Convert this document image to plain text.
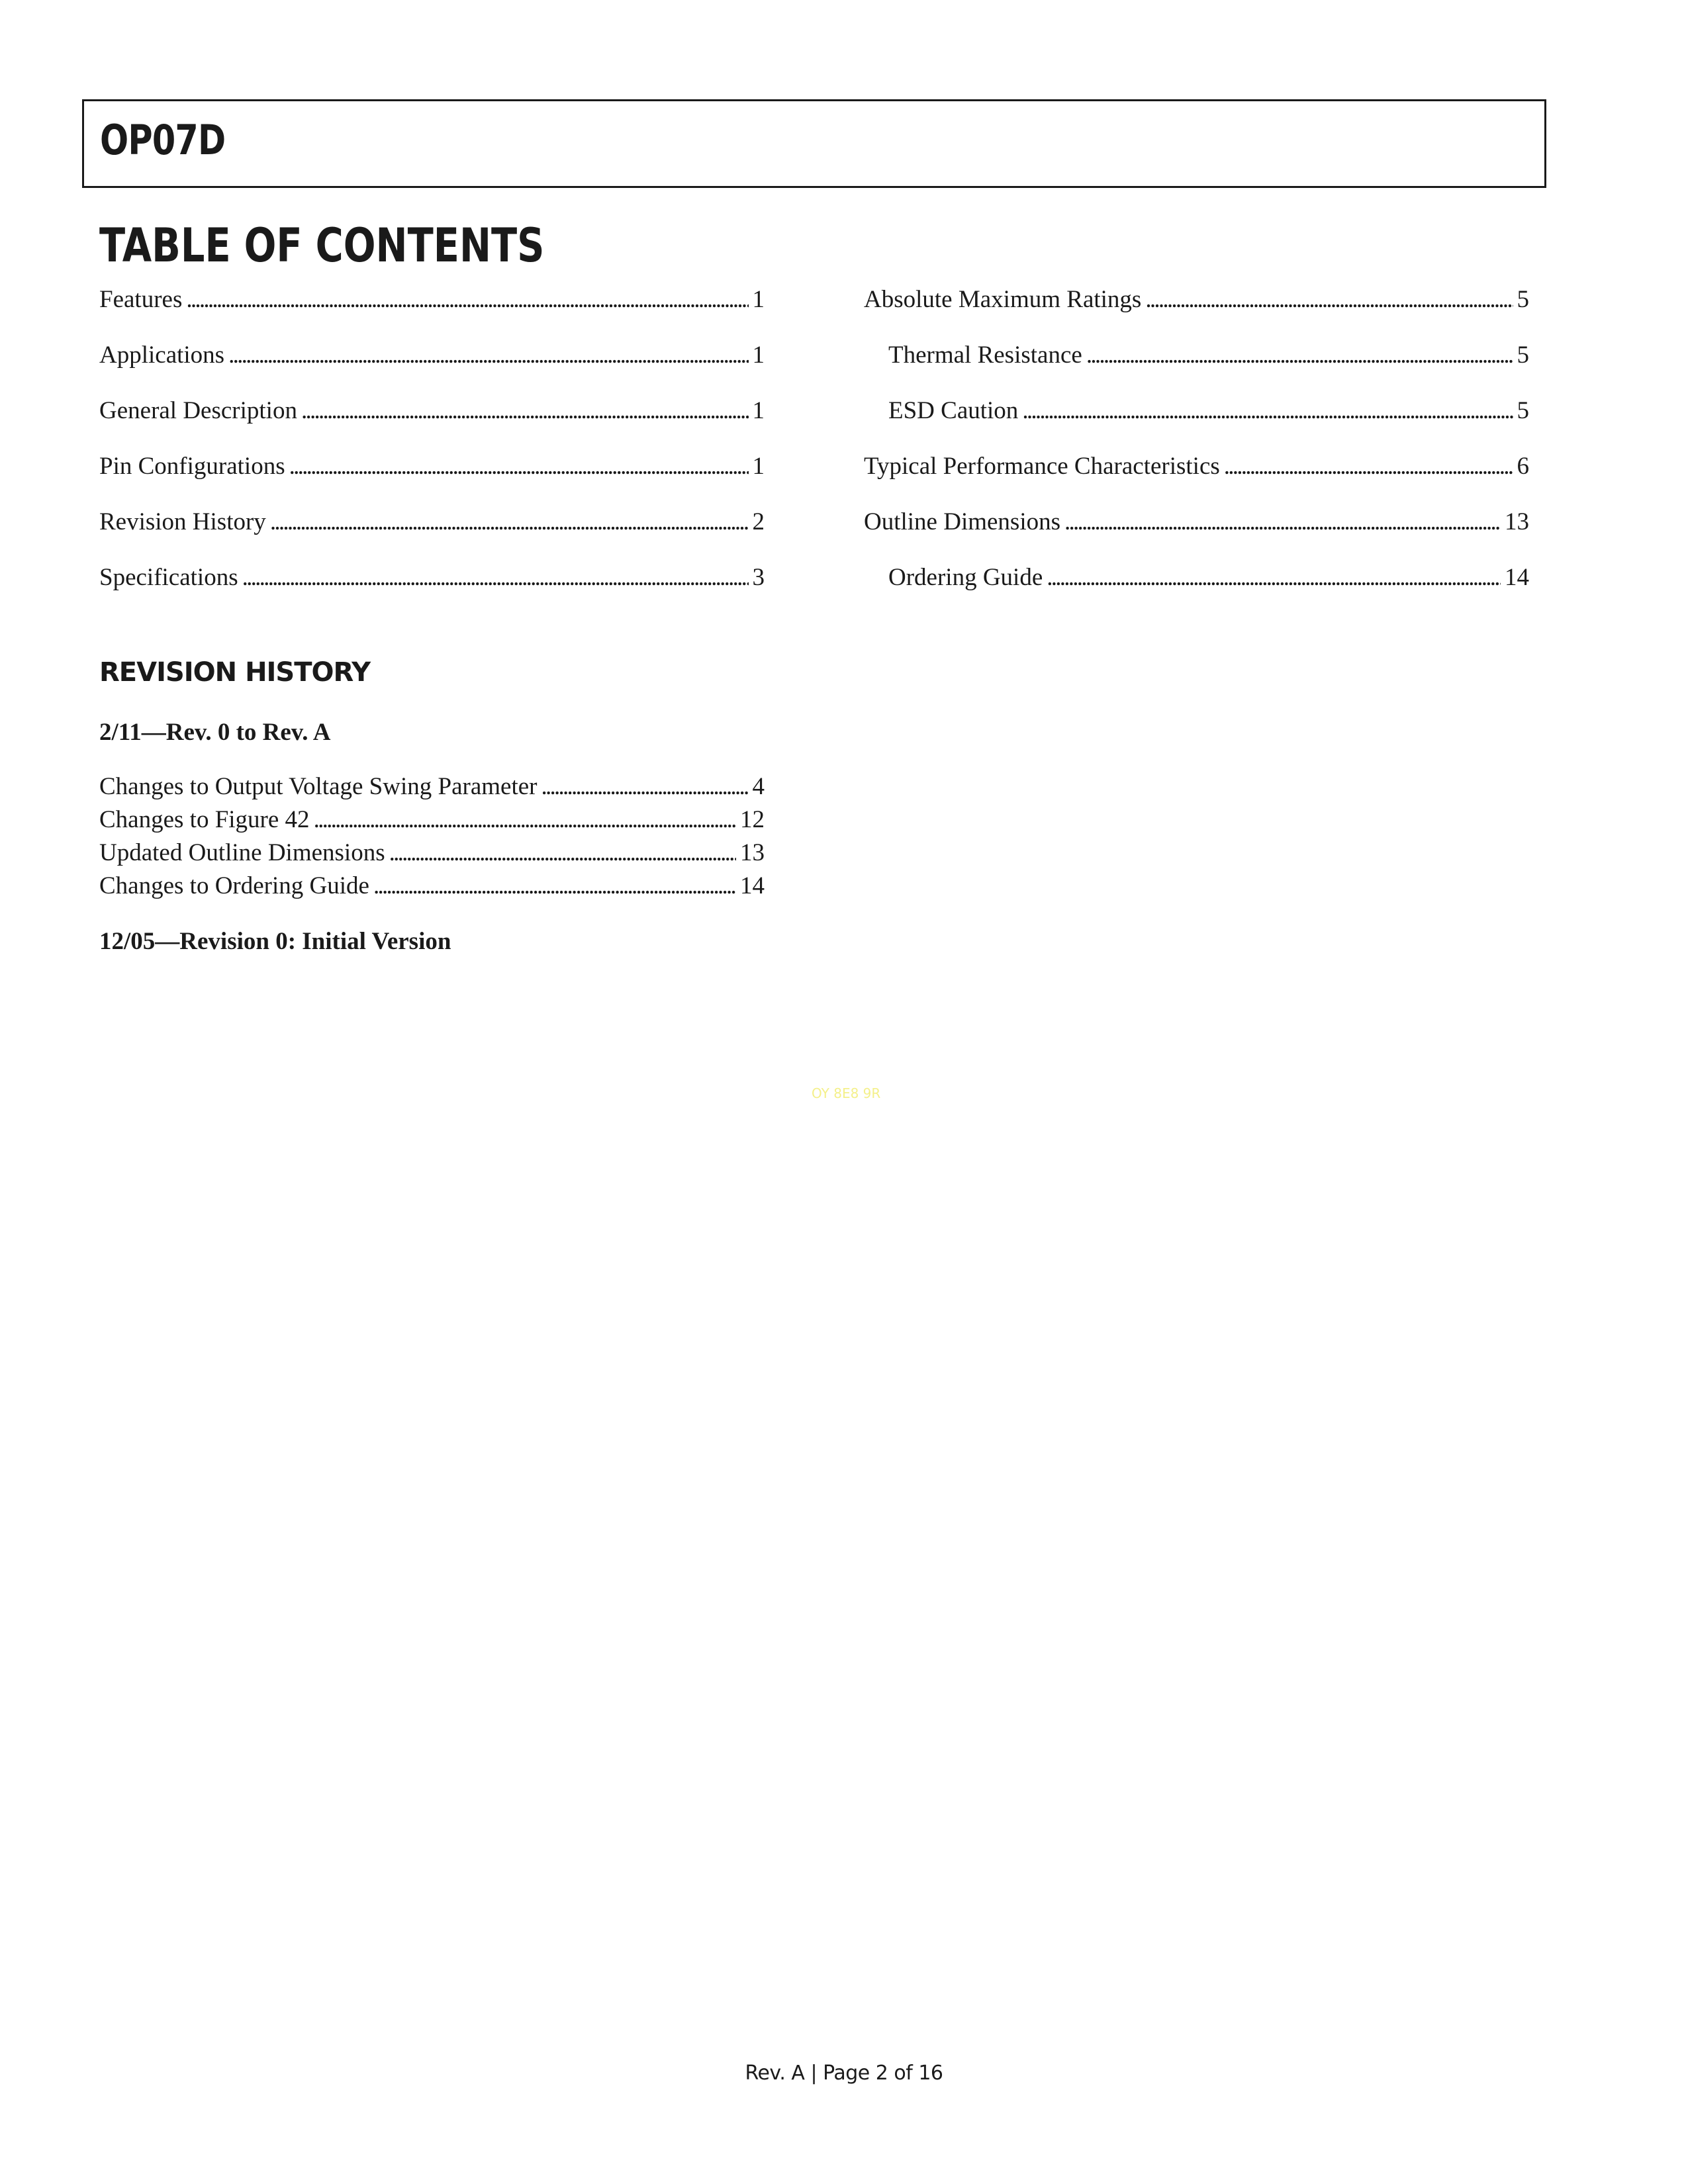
OP07D
TABLE OF CONTENTS
Features . . .	1
Applications . . .	1
General Description . . .	1
Pin Configurations . . .	1
Revision History . . .	2
Specifications . . .	3
Absolute Maximum Ratings . . .	5
Thermal Resistance . . .	5
ESD Caution . . .	5
Typical Performance Characteristics . . .	6
Outline Dimensions . . .	13
Ordering Guide . . .	14
REVISION HISTORY
2/11—Rev. 0 to Rev. A
Changes to Output Voltage Swing Parameter . . .	4
Changes to Figure 42 . . .	12
Updated Outline Dimensions . . .	13
Changes to Ordering Guide . . .	14
12/05—Revision 0: Initial Version
OY 8E8 9R
Rev. A | Page 2 of 16
